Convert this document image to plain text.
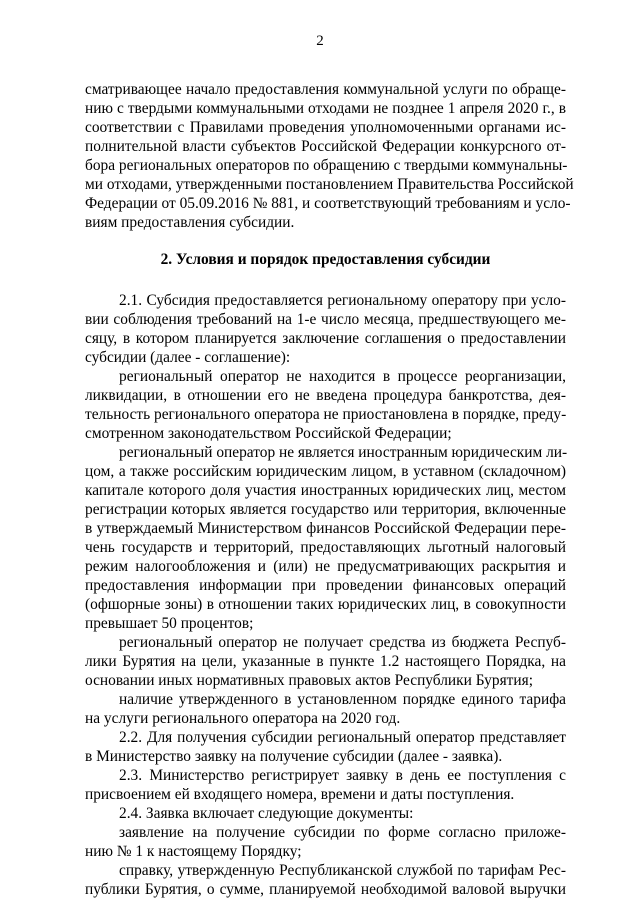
2
сматривающее начало предоставления коммунальной услуги по обраще-
нию с твердыми коммунальными отходами не позднее 1 апреля 2020 г., в
соответствии с Правилами проведения уполномоченными органами ис-
полнительной власти субъектов Российской Федерации конкурсного от-
бора региональных операторов по обращению с твердыми коммунальны-
ми отходами, утвержденными постановлением Правительства Российской
Федерации от 05.09.2016 № 881, и соответствующий требованиям и усло-
виям предоставления субсидии.
2. Условия и порядок предоставления субсидии
2.1. Субсидия предоставляется региональному оператору при усло-
вии соблюдения требований на 1-е число месяца, предшествующего ме-
сяцу, в котором планируется заключение соглашения о предоставлении
субсидии (далее - соглашение):
региональный оператор не находится в процессе реорганизации,
ликвидации, в отношении его не введена процедура банкротства, дея-
тельность регионального оператора не приостановлена в порядке, преду-
смотренном законодательством Российской Федерации;
региональный оператор не является иностранным юридическим ли-
цом, а также российским юридическим лицом, в уставном (складочном)
капитале которого доля участия иностранных юридических лиц, местом
регистрации которых является государство или территория, включенные
в утверждаемый Министерством финансов Российской Федерации пере-
чень государств и территорий, предоставляющих льготный налоговый
режим налогообложения и (или) не предусматривающих раскрытия и
предоставления информации при проведении финансовых операций
(офшорные зоны) в отношении таких юридических лиц, в совокупности
превышает 50 процентов;
региональный оператор не получает средства из бюджета Респуб-
лики Бурятия на цели, указанные в пункте 1.2 настоящего Порядка, на
основании иных нормативных правовых актов Республики Бурятия;
наличие утвержденного в установленном порядке единого тарифа
на услуги регионального оператора на 2020 год.
2.2. Для получения субсидии региональный оператор представляет
в Министерство заявку на получение субсидии (далее - заявка).
2.3. Министерство регистрирует заявку в день ее поступления с
присвоением ей входящего номера, времени и даты поступления.
2.4. Заявка включает следующие документы:
заявление на получение субсидии по форме согласно приложе-
нию № 1 к настоящему Порядку;
справку, утвержденную Республиканской службой по тарифам Рес-
публики Бурятия, о сумме, планируемой необходимой валовой выручки
